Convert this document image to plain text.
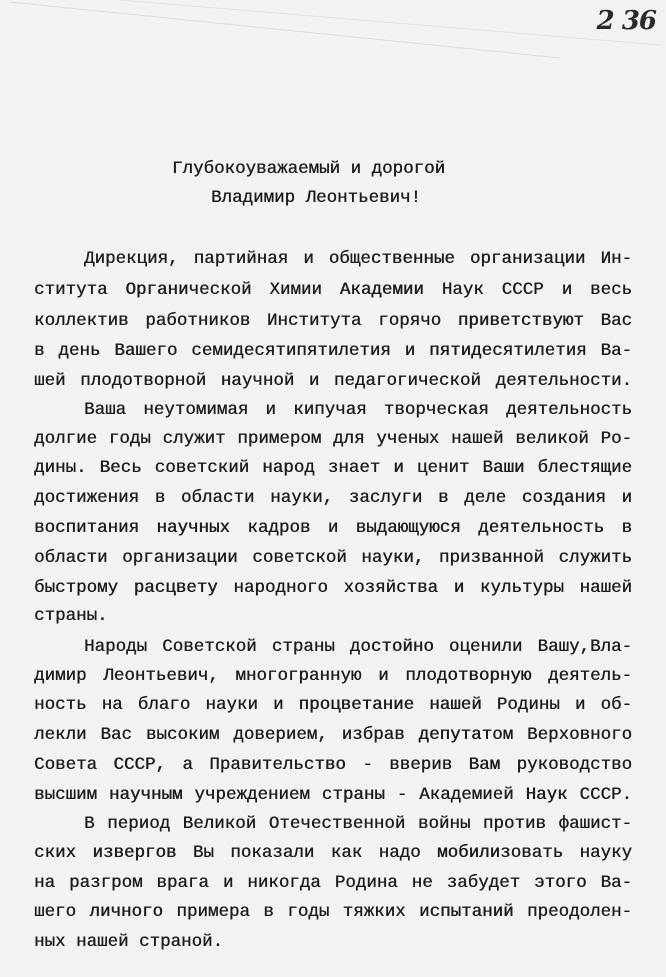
2 36
Глубокоуважаемый и дорогой
Владимир Леонтьевич!
Дирекция, партийная и общественные организации Ин-
ститута Органической Химии Академии Наук СССР и весь
коллектив работников Института горячо приветствуют Вас
в день Вашего семидесятипятилетия и пятидесятилетия Ва-
шей плодотворной научной и педагогической деятельности.
Ваша неутомимая и кипучая творческая деятельность
долгие годы служит примером для ученых нашей великой Ро-
дины. Весь советский народ знает и ценит Ваши блестящие
достижения в области науки, заслуги в деле создания и
воспитания научных кадров и выдающуюся деятельность в
области организации советской науки, призванной служить
быстрому расцвету народного хозяйства и культуры нашей
страны.
Народы Советской страны достойно оценили Вашу,Вла-
димир Леонтьевич, многогранную и плодотворную деятель-
ность на благо науки и процветание нашей Родины и об-
лекли Вас высоким доверием, избрав депутатом Верховного
Совета СССР, а Правительство - вверив Вам руководство
высшим научным учреждением страны - Академией Наук СССР.
В период Великой Отечественной войны против фашист-
ских извергов Вы показали как надо мобилизовать науку
на разгром врага и никогда Родина не забудет этого Ва-
шего личного примера в годы тяжких испытаний преодолен-
ных нашей страной.
